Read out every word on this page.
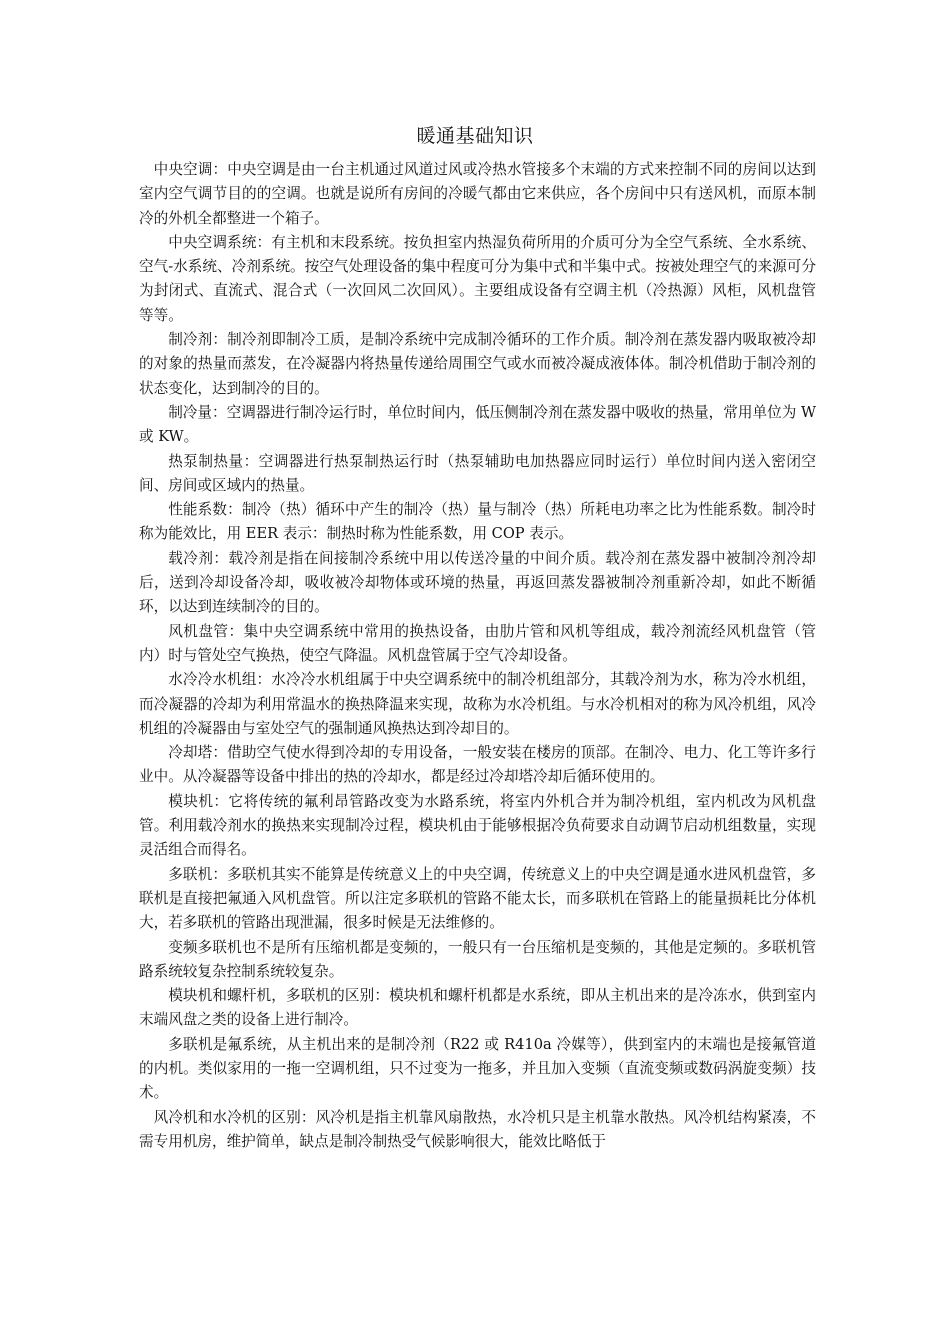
暖通基础知识

中央空调：中央空调是由一台主机通过风道过风或冷热水管接多个末端的方式来控制不同的房间以达到室内空气调节目的的空调。也就是说所有房间的冷暖气都由它来供应，各个房间中只有送风机，而原本制冷的外机全都整进一个箱子。

中央空调系统：有主机和末段系统。按负担室内热湿负荷所用的介质可分为全空气系统、全水系统、空气-水系统、冷剂系统。按空气处理设备的集中程度可分为集中式和半集中式。按被处理空气的来源可分为封闭式、直流式、混合式（一次回风二次回风）。主要组成设备有空调主机（冷热源）风柜，风机盘管等等。

制冷剂：制冷剂即制冷工质，是制冷系统中完成制冷循环的工作介质。制冷剂在蒸发器内吸取被冷却的对象的热量而蒸发，在冷凝器内将热量传递给周围空气或水而被冷凝成液体体。制冷机借助于制冷剂的状态变化，达到制冷的目的。

制冷量：空调器进行制冷运行时，单位时间内，低压侧制冷剂在蒸发器中吸收的热量，常用单位为 W 或 KW。

热泵制热量：空调器进行热泵制热运行时（热泵辅助电加热器应同时运行）单位时间内送入密闭空间、房间或区域内的热量。

性能系数：制冷（热）循环中产生的制冷（热）量与制冷（热）所耗电功率之比为性能系数。制冷时称为能效比，用 EER 表示：制热时称为性能系数，用 COP 表示。

载冷剂：载冷剂是指在间接制冷系统中用以传送冷量的中间介质。载冷剂在蒸发器中被制冷剂冷却后，送到冷却设备冷却，吸收被冷却物体或环境的热量，再返回蒸发器被制冷剂重新冷却，如此不断循环，以达到连续制冷的目的。

风机盘管：集中央空调系统中常用的换热设备，由肋片管和风机等组成，载冷剂流经风机盘管（管内）时与管处空气换热，使空气降温。风机盘管属于空气冷却设备。

水冷冷水机组：水冷冷水机组属于中央空调系统中的制冷机组部分，其载冷剂为水，称为冷水机组，而冷凝器的冷却为利用常温水的换热降温来实现，故称为水冷机组。与水冷机相对的称为风冷机组，风冷机组的冷凝器由与室处空气的强制通风换热达到冷却目的。

冷却塔：借助空气使水得到冷却的专用设备，一般安装在楼房的顶部。在制冷、电力、化工等许多行业中。从冷凝器等设备中排出的热的冷却水，都是经过冷却塔冷却后循环使用的。

模块机：它将传统的氟利昂管路改变为水路系统，将室内外机合并为制冷机组，室内机改为风机盘管。利用载冷剂水的换热来实现制冷过程，模块机由于能够根据冷负荷要求自动调节启动机组数量，实现灵活组合而得名。

多联机：多联机其实不能算是传统意义上的中央空调，传统意义上的中央空调是通水进风机盘管，多联机是直接把氟通入风机盘管。所以注定多联机的管路不能太长，而多联机在管路上的能量损耗比分体机大，若多联机的管路出现泄漏，很多时候是无法维修的。

变频多联机也不是所有压缩机都是变频的，一般只有一台压缩机是变频的，其他是定频的。多联机管路系统较复杂控制系统较复杂。

模块机和螺杆机，多联机的区别：模块机和螺杆机都是水系统，即从主机出来的是冷冻水，供到室内末端风盘之类的设备上进行制冷。

多联机是氟系统，从主机出来的是制冷剂（R22 或 R410a 冷媒等），供到室内的末端也是接氟管道的内机。类似家用的一拖一空调机组，只不过变为一拖多，并且加入变频（直流变频或数码涡旋变频）技术。

风冷机和水冷机的区别：风冷机是指主机靠风扇散热，水冷机只是主机靠水散热。风冷机结构紧凑，不需专用机房，维护简单，缺点是制冷制热受气候影响很大，能效比略低于
